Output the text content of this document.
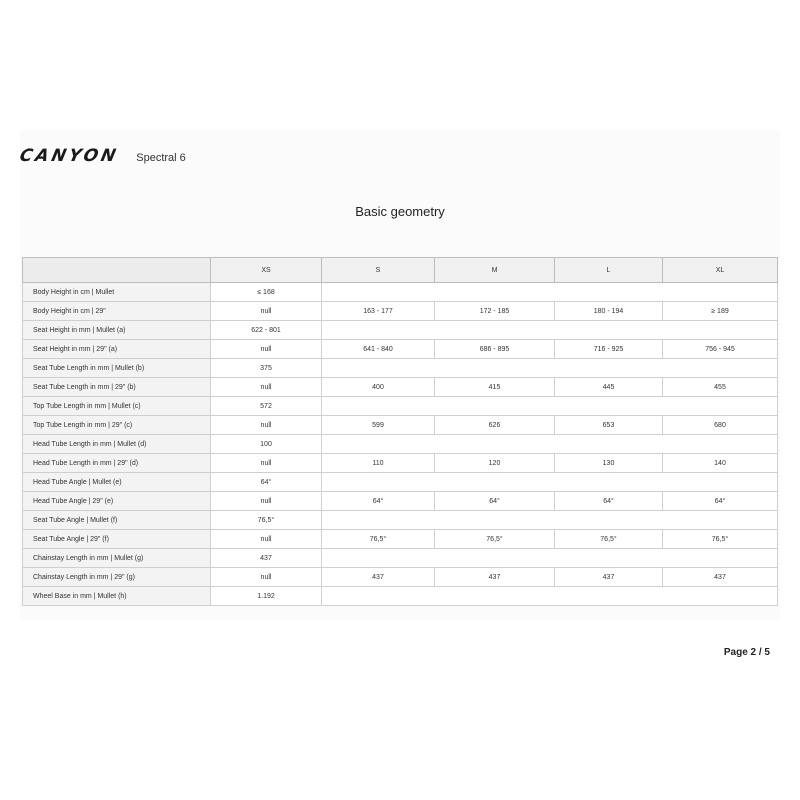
CANYON Spectral 6
Basic geometry
	XS	S	M	L	XL
Body Height in cm | Mullet	≤ 168				
Body Height in cm | 29"	null	163 - 177	172 - 185	180 - 194	≥ 189
Seat Height in mm | Mullet (a)	622 - 801				
Seat Height in mm | 29" (a)	null	641 - 840	686 - 895	716 - 925	756 - 945
Seat Tube Length in mm | Mullet (b)	375				
Seat Tube Length in mm | 29" (b)	null	400	415	445	455
Top Tube Length in mm | Mullet (c)	572				
Top Tube Length in mm | 29" (c)	null	599	626	653	680
Head Tube Length in mm | Mullet (d)	100				
Head Tube Length in mm | 29" (d)	null	110	120	130	140
Head Tube Angle | Mullet (e)	64°				
Head Tube Angle | 29" (e)	null	64°	64°	64°	64°
Seat Tube Angle | Mullet (f)	76,5°				
Seat Tube Angle | 29" (f)	null	76,5°	76,5°	76,5°	76,5°
Chainstay Length in mm | Mullet (g)	437				
Chainstay Length in mm | 29" (g)	null	437	437	437	437
Wheel Base in mm | Mullet (h)	1.192				
Page 2 / 5
